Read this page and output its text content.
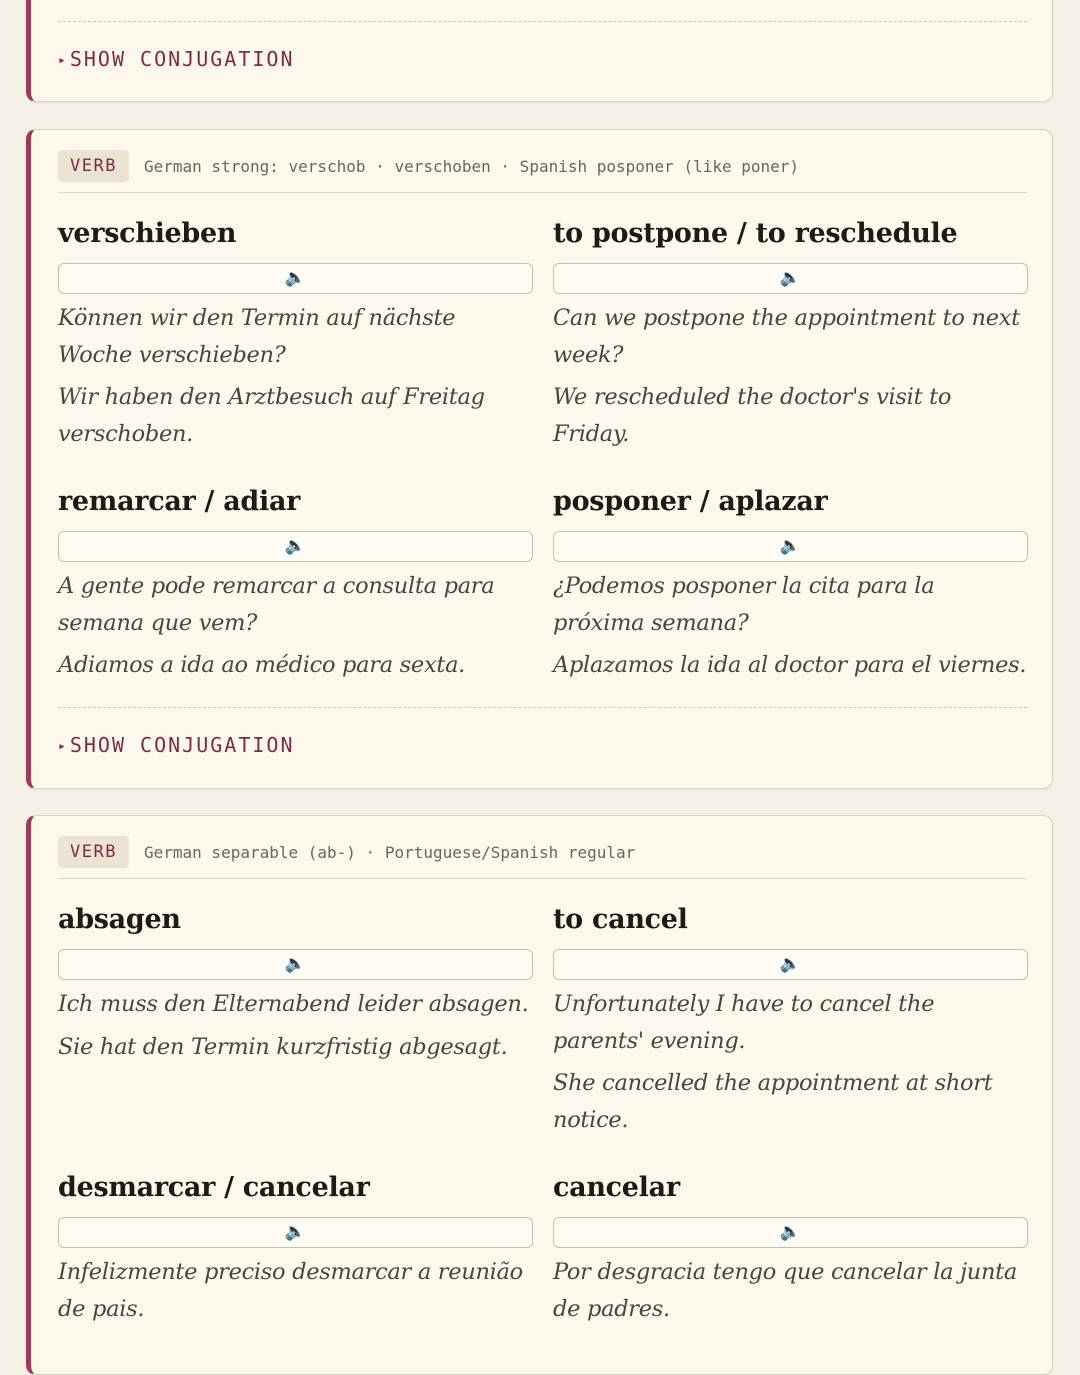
▸ SHOW CONJUGATION
VERB	German strong: verschob · verschoben · Spanish posponer (like poner)
verschieben
🔈

Können wir den Termin auf nächste Woche verschieben?

Wir haben den Arztbesuch auf Freitag verschoben.

to postpone / to reschedule
🔈

Can we postpone the appointment to next week?

We rescheduled the doctor's visit to Friday.

remarcar / adiar
🔈

A gente pode remarcar a consulta para semana que vem?

Adiamos a ida ao médico para sexta.

posponer / aplazar
🔈

¿Podemos posponer la cita para la próxima semana?

Aplazamos la ida al doctor para el viernes.

▸ SHOW CONJUGATION
VERB	German separable (ab-) · Portuguese/Spanish regular
absagen
🔈

Ich muss den Elternabend leider absagen.

Sie hat den Termin kurzfristig abgesagt.

to cancel
🔈

Unfortunately I have to cancel the parents' evening.

She cancelled the appointment at short notice.

desmarcar / cancelar
🔈

Infelizmente preciso desmarcar a reunião de pais.

cancelar
🔈

Por desgracia tengo que cancelar la junta de padres.
